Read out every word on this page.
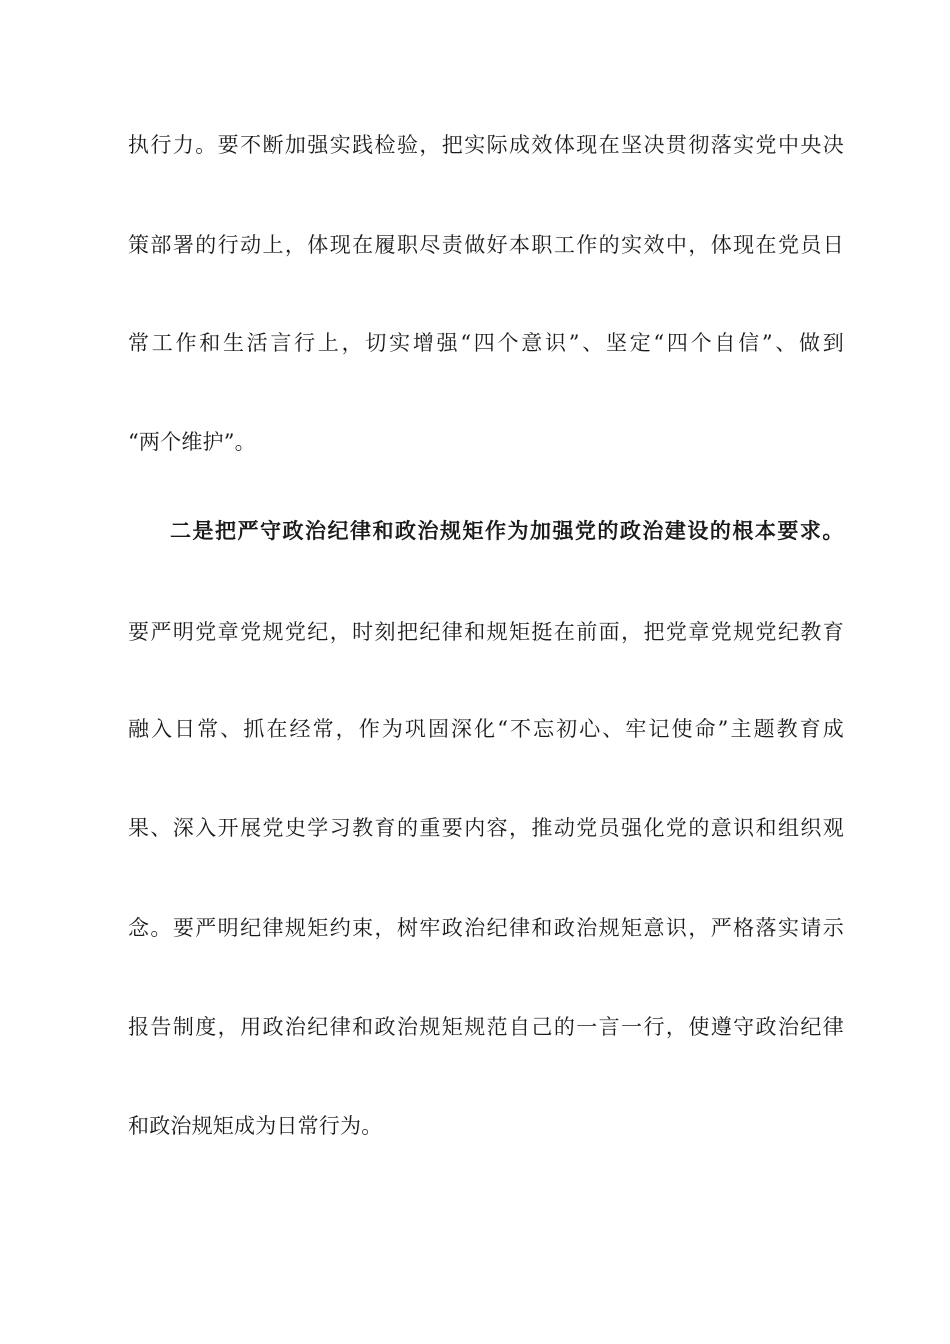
执行力。要不断加强实践检验，把实际成效体现在坚决贯彻落实党中央决
策部署的行动上，体现在履职尽责做好本职工作的实效中，体现在党员日
常工作和生活言行上，切实增强“四个意识”、坚定“四个自信”、做到
“两个维护”。
二是把严守政治纪律和政治规矩作为加强党的政治建设的根本要求。
要严明党章党规党纪，时刻把纪律和规矩挺在前面，把党章党规党纪教育
融入日常、抓在经常，作为巩固深化“不忘初心、牢记使命”主题教育成
果、深入开展党史学习教育的重要内容，推动党员强化党的意识和组织观
念。要严明纪律规矩约束，树牢政治纪律和政治规矩意识，严格落实请示
报告制度，用政治纪律和政治规矩规范自己的一言一行，使遵守政治纪律
和政治规矩成为日常行为。
